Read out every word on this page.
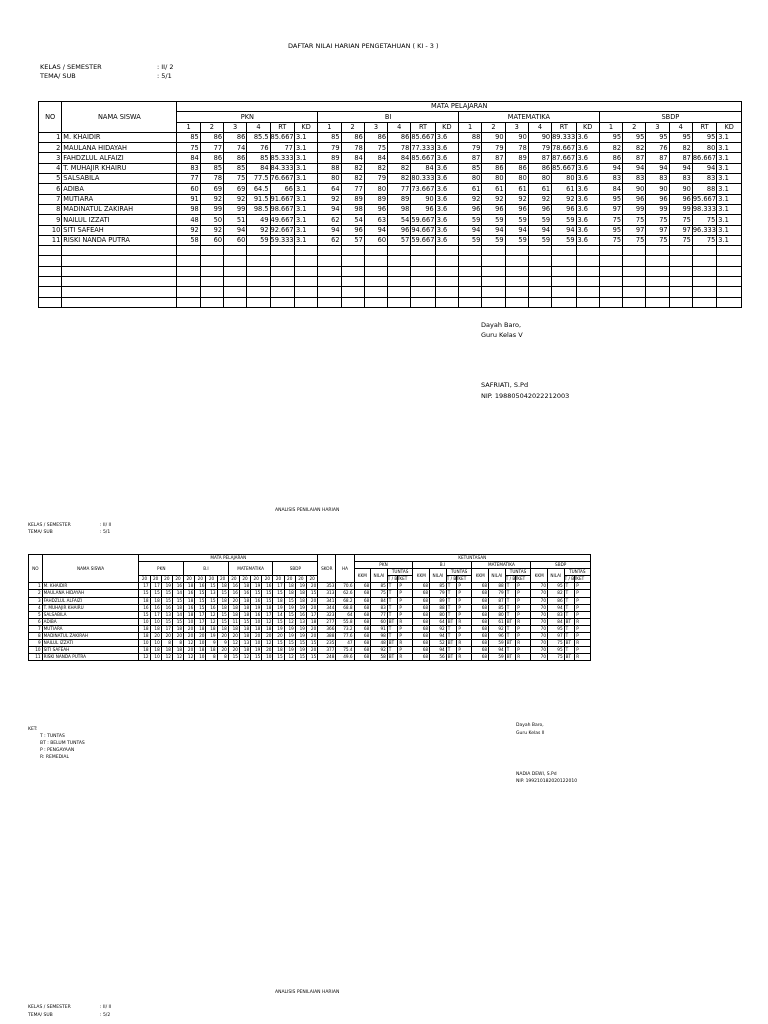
DAFTAR NILAI HARIAN PENGETAHUAN ( KI - 3 )
KELAS / SEMESTER	: II/ 2
TEMA/ SUB	: 5/1
NO	NAMA SISWA	MATA PELAJARAN																							
		PKN						BI						MATEMATIKA						SBDP					
		1	2	3	4	RT	KD	1	2	3	4	RT	KD	1	2	3	4	RT	KD	1	2	3	4	RT	KD
1	M. KHAIDIR	85	86	86	85.5	85.667	3.1	85	86	86	86	85.667	3.6	88	90	90	90	89.333	3.6	95	95	95	95	95	3.1
2	MAULANA HIDAYAH	75	77	74	76	77	3.1	79	78	75	78	77.333	3.6	79	79	78	79	78.667	3.6	82	82	76	82	80	3.1
3	FAHDZLUL ALFAIZI	84	86	86	85	85.333	3.1	89	84	84	84	85.667	3.6	87	87	89	87	87.667	3.6	86	87	87	87	86.667	3.1
4	T. MUHAJIR KHAIRU	83	85	85	84	84.333	3.1	88	82	82	82	84	3.6	85	86	86	86	85.667	3.6	94	94	94	94	94	3.1
5	SALSABILA	77	78	75	77.5	76.667	3.1	80	82	79	82	80.333	3.6	80	80	80	80	80	3.6	83	83	83	83	83	3.1
6	ADIBA	60	69	69	64.5	66	3.1	64	77	80	77	73.667	3.6	61	61	61	61	61	3.6	84	90	90	90	88	3.1
7	MUTIARA	91	92	92	91.5	91.667	3.1	92	89	89	89	90	3.6	92	92	92	92	92	3.6	95	96	96	96	95.667	3.1
8	MADINATUL ZAKIRAH	98	99	99	98.5	98.667	3.1	94	98	96	98	96	3.6	96	96	96	96	96	3.6	97	99	99	99	98.333	3.1
9	NAILUL IZZATI	48	50	51	49	49.667	3.1	62	54	63	54	59.667	3.6	59	59	59	59	59	3.6	75	75	75	75	75	3.1
10	SITI SAFEAH	92	92	94	92	92.667	3.1	94	96	94	96	94.667	3.6	94	94	94	94	94	3.6	95	97	97	97	96.333	3.1
11	RISKI NANDA PUTRA	58	60	60	59	59.333	3.1	62	57	60	57	59.667	3.6	59	59	59	59	59	3.6	75	75	75	75	75	3.1

Dayah Baro,
Guru Kelas V
SAFRIATI, S.Pd
NIP. 198805042022212003
ANALISIS PENILAIAN HARIAN
KELAS / SEMESTER	: II/ II
TEMA/ SUB	: 5/1
NO	NAMA SISWA	MATA PELAJARAN																SKOR	HA	KETUNTASAN															
		PKN				B.I				MATEMATIKA				SBDP						PKN				B.I				MATEMATIKA				SBDP			
																				KKM	NILAI	TUNTAS		KKM	NILAI	TUNTAS		KKM	NILAI	TUNTAS		KKM	NILAI	TUNTAS	
		20	20	20	20	20	20	20	20	20	20	20	20	20	20	20	20					T / BT	KET			T / BT	KET			T / BT	KET			T / BT	KET
1	M. KHAIDIR	17	17	19	16	18	16	15	18	16	18	19	16	17	18	19	20	353	70.6	68	85	T	P	68	85	T	P	68	88	T	P	70	95	T	P
2	MAULANA HIDAYAH	15	15	15	14	16	15	13	15	16	16	15	15	15	18	18	15	313	62.6	68	75	T	P	68	79	T	P	68	79	T	P	70	82	T	P
3	FAHDZLUL ALFAIZI	18	18	15	15	18	15	15	18	20	18	16	15	18	15	18	20	341	68.2	68	84	T	P	68	89	T	P	68	87	T	P	70	86	T	P
4	T. MUHAJIR KHAIRU	16	16	16	18	16	15	16	18	18	18	19	18	19	19	19	20	344	68.8	68	83	T	P	68	88	T	P	68	85	T	P	70	94	T	P
5	SALSABILA	15	17	13	14	18	17	12	15	18	18	16	17	14	15	16	17	323	64	68	77	T	P	68	80	T	P	68	80	T	P	70	83	T	P
6	ADIBA	10	10	15	15	10	17	12	15	11	15	10	12	15	12	13	18	277	55.8	68	60	BT	R	68	64	BT	R	68	61	BT	R	70	84	BT	R
7	MUTIARA	18	18	17	18	20	18	18	18	18	18	18	18	19	19	19	20	366	73.2	68	91	T	P	68	92	T	P	68	92	T	P	70	95	T	P
8	MADINATUL ZAKIRAH	18	20	20	20	20	20	19	20	20	18	20	20	20	19	19	20	388	77.6	68	98	T	P	68	94	T	P	68	96	T	P	70	97	T	P
9	NAILUL IZZATI	10	10	8	8	12	10	9	9	12	13	10	12	15	15	15	15	235	47	68	48	BT	R	68	52	BT	R	68	59	BT	R	70	75	BT	R
10	SITI SAFEAH	18	18	18	18	20	18	18	20	20	18	19	20	18	19	19	20	377	75.4	68	92	T	P	68	94	T	P	68	94	T	P	70	95	T	P
11	RISKI NANDA PUTRA	12	10	12	12	12	10	8	8	15	12	15	10	15	12	15	15	248	49.6	68	58	BT	R	68	56	BT	R	68	59	BT	R	70	75	BT	R
KET:
T : TUNTAS
BT : BELUM TUNTAS
P : PENGAYAAN
R: REMEDIAL
Dayah Baro,
Guru Kelas II
NADIA DEWI, S.Pd
NIP. 199210182020122010
ANALISIS PENILAIAN HARIAN
KELAS / SEMESTER	: II/ II
TEMA/ SUB	: 5/2
